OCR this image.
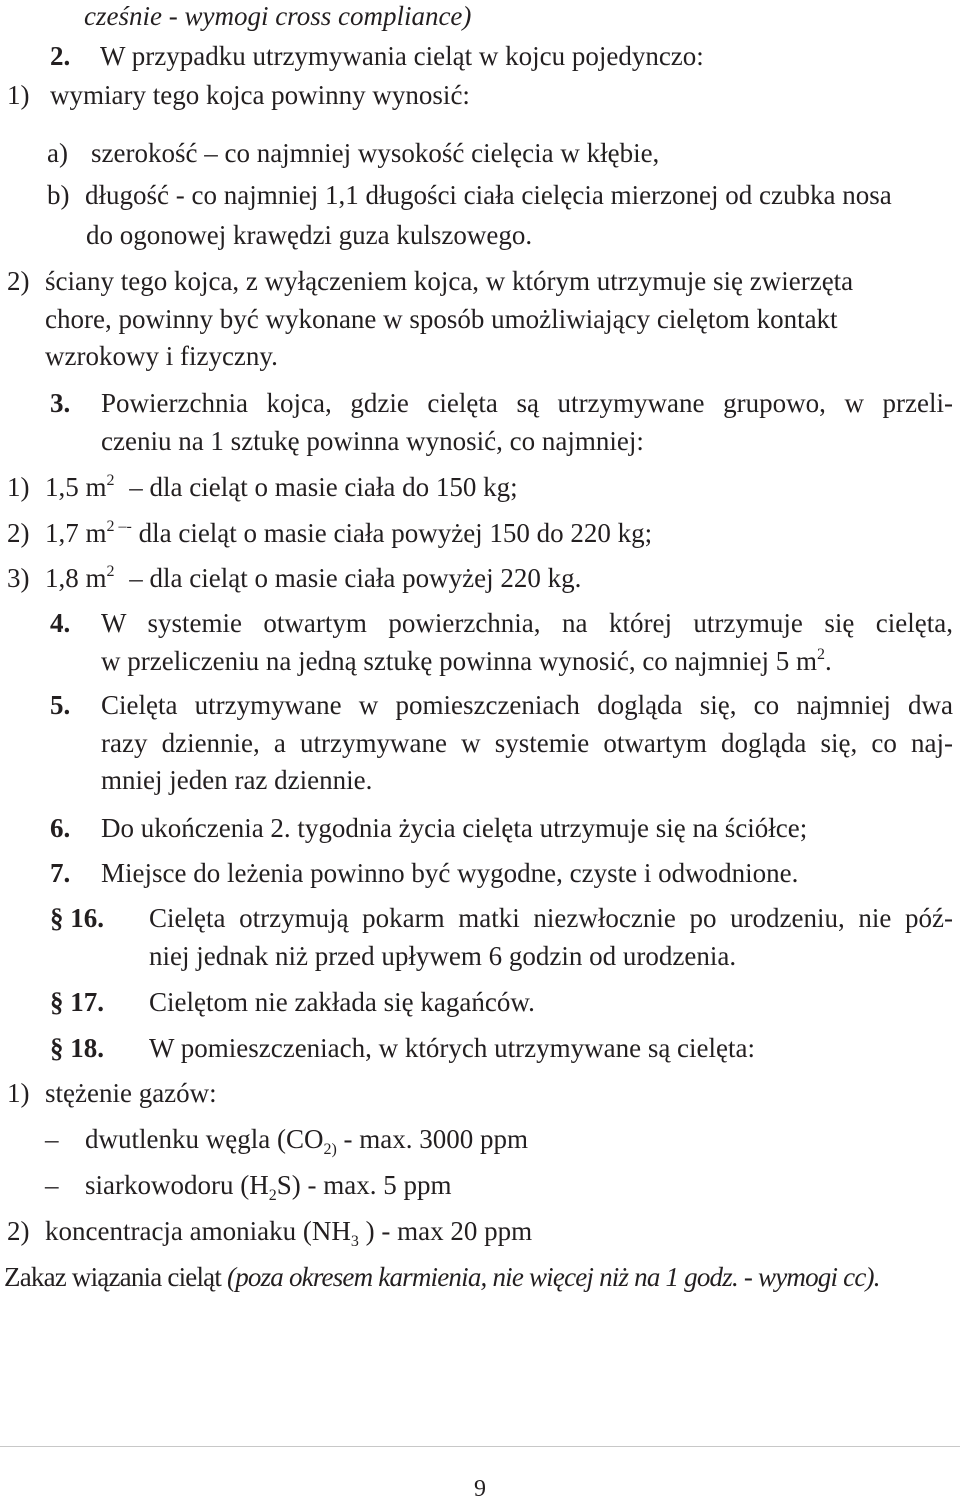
cześnie - wymogi cross compliance)
2. W przypadku utrzymywania cieląt w kojcu pojedynczo:
1) wymiary tego kojca powinny wynosić:
a) szerokość – co najmniej wysokość cielęcia w kłębie,
b) długość - co najmniej 1,1 długości ciała cielęcia mierzonej od czubka nosa
do ogonowej krawędzi guza kulszowego.
2) ściany tego kojca, z wyłączeniem kojca, w którym utrzymuje się zwierzęta
chore, powinny być wykonane w sposób umożliwiający cielętom kontakt
wzrokowy i fizyczny.
3. Powierzchnia kojca, gdzie cielęta są utrzymywane grupowo, w przeli-
czeniu na 1 sztukę powinna wynosić, co najmniej:
1) 1,5 $m^2$ – dla cieląt o masie ciała do 150 kg;
2) 1,7 $m^{2 --}$ dla cieląt o masie ciała powyżej 150 do 220 kg;
3) 1,8 $m^2$ – dla cieląt o masie ciała powyżej 220 kg.
4. W systemie otwartym powierzchnia, na której utrzymuje się cielęta,
w przeliczeniu na jedną sztukę powinna wynosić, co najmniej 5 $m^2$.
5. Cielęta utrzymywane w pomieszczeniach dogląda się, co najmniej dwa
razy dziennie, a utrzymywane w systemie otwartym dogląda się, co naj-
mniej jeden raz dziennie.
6. Do ukończenia 2. tygodnia życia cielęta utrzymuje się na ściółce;
7. Miejsce do leżenia powinno być wygodne, czyste i odwodnione.
§ 16. Cielęta otrzymują pokarm matki niezwłocznie po urodzeniu, nie póź-
niej jednak niż przed upływem 6 godzin od urodzenia.
§ 17. Cielętom nie zakłada się kagańców.
§ 18. W pomieszczeniach, w których utrzymywane są cielęta:
1) stężenie gazów:
– dwutlenku węgla ($CO_{2)}$ - max. 3000 ppm
– siarkowodoru $(H_2S)$ - max. 5 ppm
2) koncentracja amoniaku ($NH_3$ ) - max 20 ppm
Zakaz wiązania cieląt (poza okresem karmienia, nie więcej niż na 1 godz. - wymogi cc).
9
